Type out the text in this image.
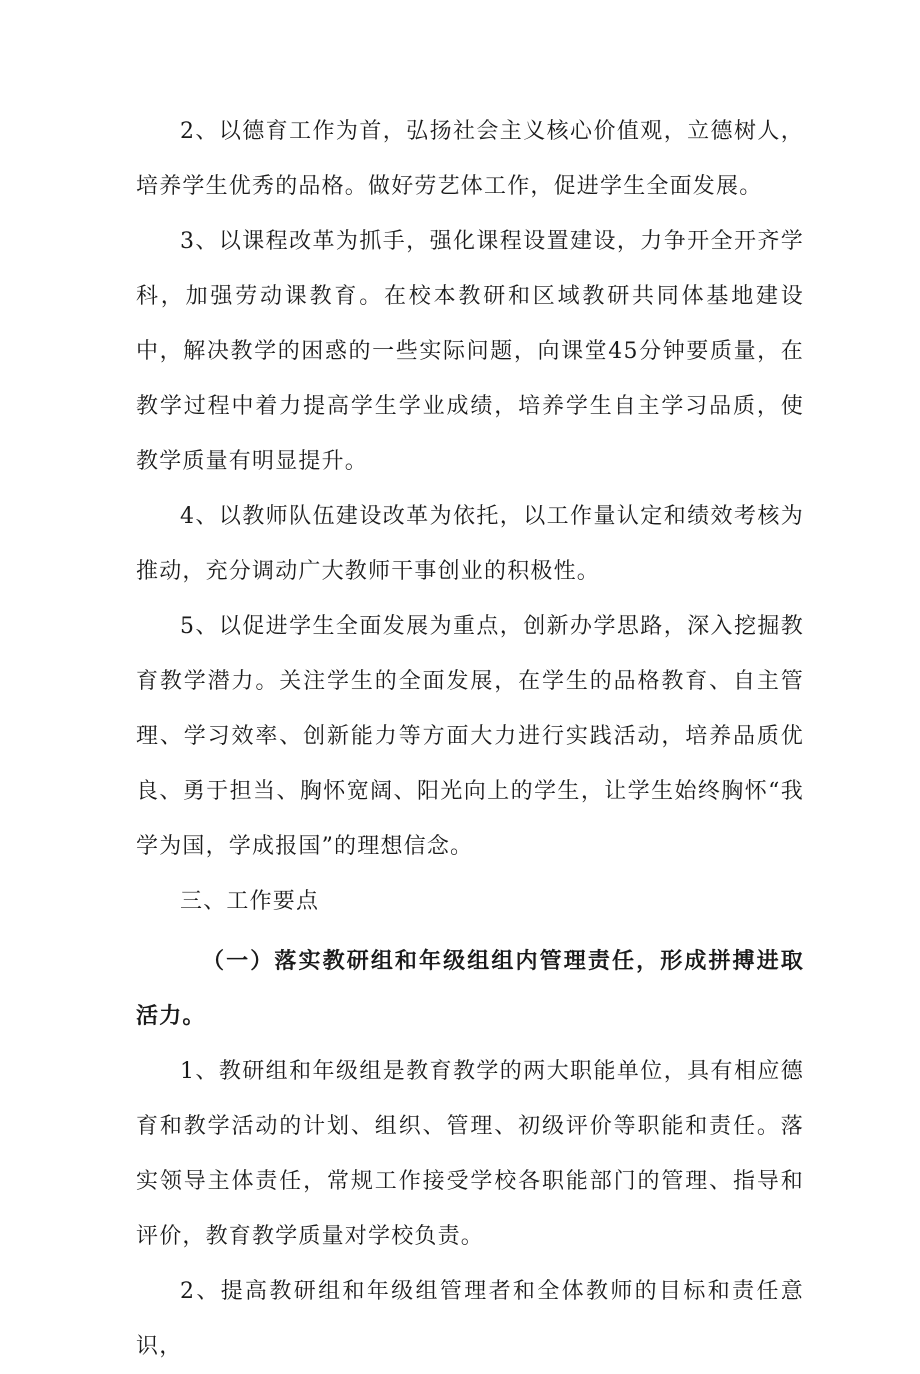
2、以德育工作为首，弘扬社会主义核心价值观，立德树人，培养学生优秀的品格。做好劳艺体工作，促进学生全面发展。

3、以课程改革为抓手，强化课程设置建设，力争开全开齐学科，加强劳动课教育。在校本教研和区域教研共同体基地建设中，解决教学的困惑的一些实际问题，向课堂45分钟要质量，在教学过程中着力提高学生学业成绩，培养学生自主学习品质，使教学质量有明显提升。

4、以教师队伍建设改革为依托，以工作量认定和绩效考核为推动，充分调动广大教师干事创业的积极性。

5、以促进学生全面发展为重点，创新办学思路，深入挖掘教育教学潜力。关注学生的全面发展，在学生的品格教育、自主管理、学习效率、创新能力等方面大力进行实践活动，培养品质优良、勇于担当、胸怀宽阔、阳光向上的学生，让学生始终胸怀“我学为国，学成报国”的理想信念。

三、工作要点

（一）落实教研组和年级组组内管理责任，形成拼搏进取活力。

1、教研组和年级组是教育教学的两大职能单位，具有相应德育和教学活动的计划、组织、管理、初级评价等职能和责任。落实领导主体责任，常规工作接受学校各职能部门的管理、指导和评价，教育教学质量对学校负责。

2、提高教研组和年级组管理者和全体教师的目标和责任意识，
